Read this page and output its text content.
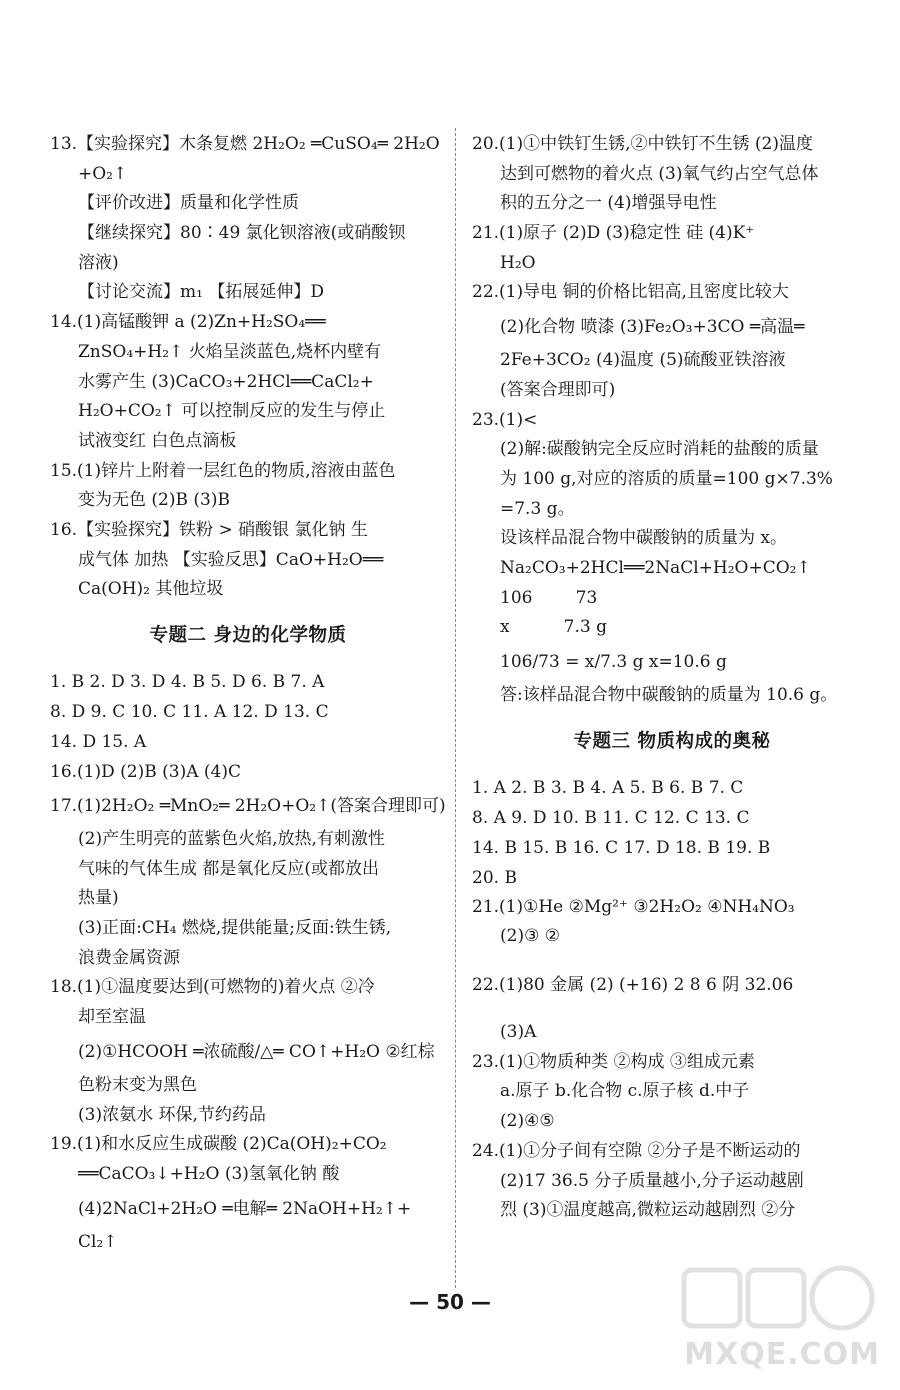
13.【实验探究】木条复燃 2H₂O₂ ═CuSO₄═ 2H₂O
+O₂↑
【评价改进】质量和化学性质
【继续探究】80∶49 氯化钡溶液(或硝酸钡
溶液)
【讨论交流】m₁ 【拓展延伸】D
14.(1)高锰酸钾 a (2)Zn+H₂SO₄══
ZnSO₄+H₂↑ 火焰呈淡蓝色,烧杯内壁有
水雾产生 (3)CaCO₃+2HCl══CaCl₂+
H₂O+CO₂↑ 可以控制反应的发生与停止
试液变红 白色点滴板
15.(1)锌片上附着一层红色的物质,溶液由蓝色
变为无色 (2)B (3)B
16.【实验探究】铁粉 > 硝酸银 氯化钠 生
成气体 加热 【实验反思】CaO+H₂O══
Ca(OH)₂ 其他垃圾
专题二 身边的化学物质
1. B 2. D 3. D 4. B 5. D 6. B 7. A
8. D 9. C 10. C 11. A 12. D 13. C
14. D 15. A
16.(1)D (2)B (3)A (4)C
17.(1)2H₂O₂ ═MnO₂═ 2H₂O+O₂↑(答案合理即可)
(2)产生明亮的蓝紫色火焰,放热,有刺激性
气味的气体生成 都是氧化反应(或都放出
热量)
(3)正面:CH₄ 燃烧,提供能量;反面:铁生锈,
浪费金属资源
18.(1)①温度要达到(可燃物的)着火点 ②冷
却至室温
(2)①HCOOH ═浓硫酸/△═ CO↑+H₂O ②红棕
色粉末变为黑色
(3)浓氨水 环保,节约药品
19.(1)和水反应生成碳酸 (2)Ca(OH)₂+CO₂
══CaCO₃↓+H₂O (3)氢氧化钠 酸
(4)2NaCl+2H₂O ═电解═ 2NaOH+H₂↑+
Cl₂↑
20.(1)①中铁钉生锈,②中铁钉不生锈 (2)温度
达到可燃物的着火点 (3)氧气约占空气总体
积的五分之一 (4)增强导电性
21.(1)原子 (2)D (3)稳定性 硅 (4)K⁺
H₂O
22.(1)导电 铜的价格比铝高,且密度比较大
(2)化合物 喷漆 (3)Fe₂O₃+3CO ═高温═
2Fe+3CO₂ (4)温度 (5)硫酸亚铁溶液
(答案合理即可)
23.(1)<
(2)解:碳酸钠完全反应时消耗的盐酸的质量
为 100 g,对应的溶质的质量=100 g×7.3%
=7.3 g。
设该样品混合物中碳酸钠的质量为 x。
Na₂CO₃+2HCl══2NaCl+H₂O+CO₂↑
106        73
x          7.3 g
106/73 = x/7.3 g x=10.6 g
答:该样品混合物中碳酸钠的质量为 10.6 g。
专题三 物质构成的奥秘
1. A 2. B 3. B 4. A 5. B 6. B 7. C
8. A 9. D 10. B 11. C 12. C 13. C
14. B 15. B 16. C 17. D 18. B 19. B
20. B
21.(1)①He ②Mg²⁺ ③2H₂O₂ ④NH₄NO₃
(2)③ ②
22.(1)80 金属 (2) (+16) 2 8 6 阴 32.06
(3)A
23.(1)①物质种类 ②构成 ③组成元素
a.原子 b.化合物 c.原子核 d.中子
(2)④⑤
24.(1)①分子间有空隙 ②分子是不断运动的
(2)17 36.5 分子质量越小,分子运动越剧
烈 (3)①温度越高,微粒运动越剧烈 ②分
— 50 —
MXQE.COM
